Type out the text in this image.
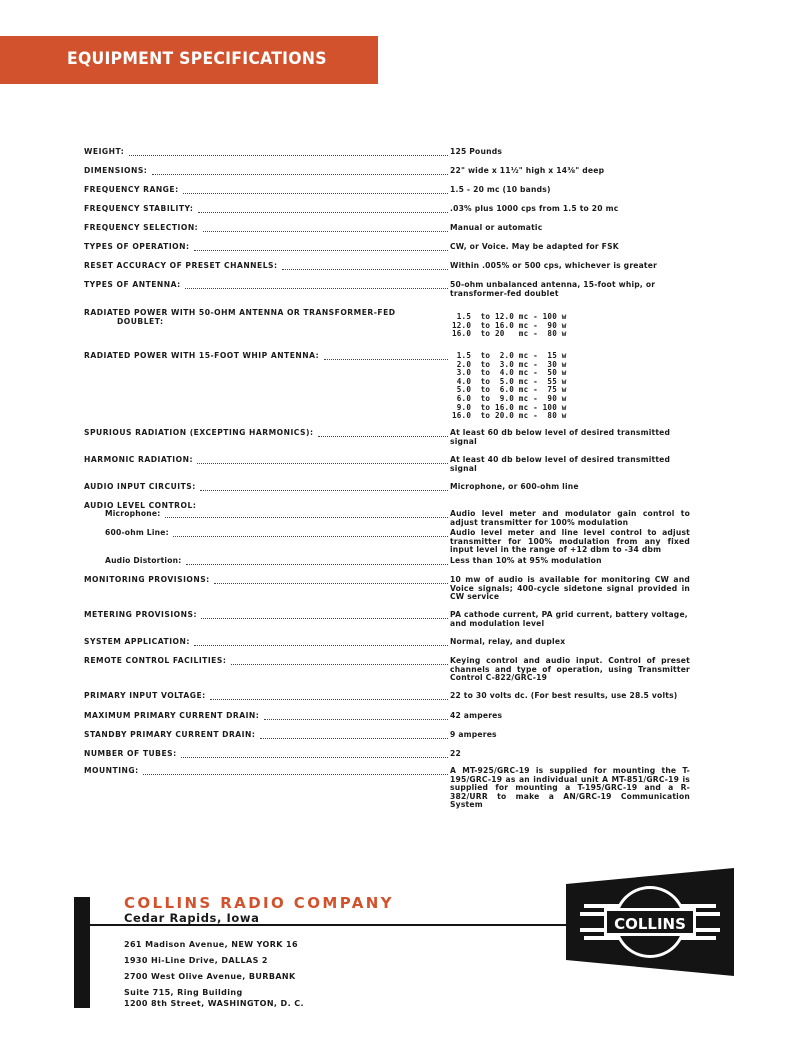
EQUIPMENT SPECIFICATIONS
WEIGHT:	125 Pounds
DIMENSIONS:	22" wide x 11½" high x 14⅜" deep
FREQUENCY RANGE:	1.5 - 20 mc (10 bands)
FREQUENCY STABILITY:	.03% plus 1000 cps from 1.5 to 20 mc
FREQUENCY SELECTION:	Manual or automatic
TYPES OF OPERATION:	CW, or Voice. May be adapted for FSK
RESET ACCURACY OF PRESET CHANNELS:	Within .005% or 500 cps, whichever is greater
TYPES OF ANTENNA:	50-ohm unbalanced antenna, 15-foot whip, or transformer-fed doublet
RADIATED POWER WITH 50-OHM ANTENNA OR TRANSFORMER-FED
DOUBLET:
1.5  to 12.0 mc - 100 w
12.0  to 16.0 mc -  90 w
16.0  to 20   mc -  80 w
RADIATED POWER WITH 15-FOOT WHIP ANTENNA:	1.5  to  2.0 mc -  15 w
2.0  to  3.0 mc -  30 w
3.0  to  4.0 mc -  50 w
4.0  to  5.0 mc -  55 w
5.0  to  6.0 mc -  75 w
6.0  to  9.0 mc -  90 w
9.0  to 16.0 mc - 100 w
16.0  to 20.0 mc -  80 w
SPURIOUS RADIATION (EXCEPTING HARMONICS):	At least 60 db below level of desired transmitted signal
HARMONIC RADIATION:	At least 40 db below level of desired transmitted signal
AUDIO INPUT CIRCUITS:	Microphone, or 600-ohm line
AUDIO LEVEL CONTROL:
Microphone:	Audio level meter and modulator gain control to adjust transmitter for 100% modulation
600-ohm Line:	Audio level meter and line level control to adjust transmitter for 100% modulation from any fixed input level in the range of +12 dbm to -34 dbm
Audio Distortion:	Less than 10% at 95% modulation
MONITORING PROVISIONS:	10 mw of audio is available for monitoring CW and Voice signals; 400-cycle sidetone signal provided in CW service
METERING PROVISIONS:	PA cathode current, PA grid current, battery voltage, and modulation level
SYSTEM APPLICATION:	Normal, relay, and duplex
REMOTE CONTROL FACILITIES:	Keying control and audio input. Control of preset channels and type of operation, using Transmitter Control C-822/GRC-19
PRIMARY INPUT VOLTAGE:	22 to 30 volts dc. (For best results, use 28.5 volts)
MAXIMUM PRIMARY CURRENT DRAIN:	42 amperes
STANDBY PRIMARY CURRENT DRAIN:	9 amperes
NUMBER OF TUBES:	22
MOUNTING:	A MT-925/GRC-19 is supplied for mounting the T-195/GRC-19 as an individual unit A MT-851/GRC-19 is supplied for mounting a T-195/GRC-19 and a R-382/URR to make a AN/GRC-19 Communication System
COLLINS RADIO COMPANY
Cedar Rapids, Iowa
261 Madison Avenue, NEW YORK 16
1930 Hi-Line Drive, DALLAS 2
2700 West Olive Avenue, BURBANK
Suite 715, Ring Building
1200 8th Street, WASHINGTON, D. C.
COLLINS
